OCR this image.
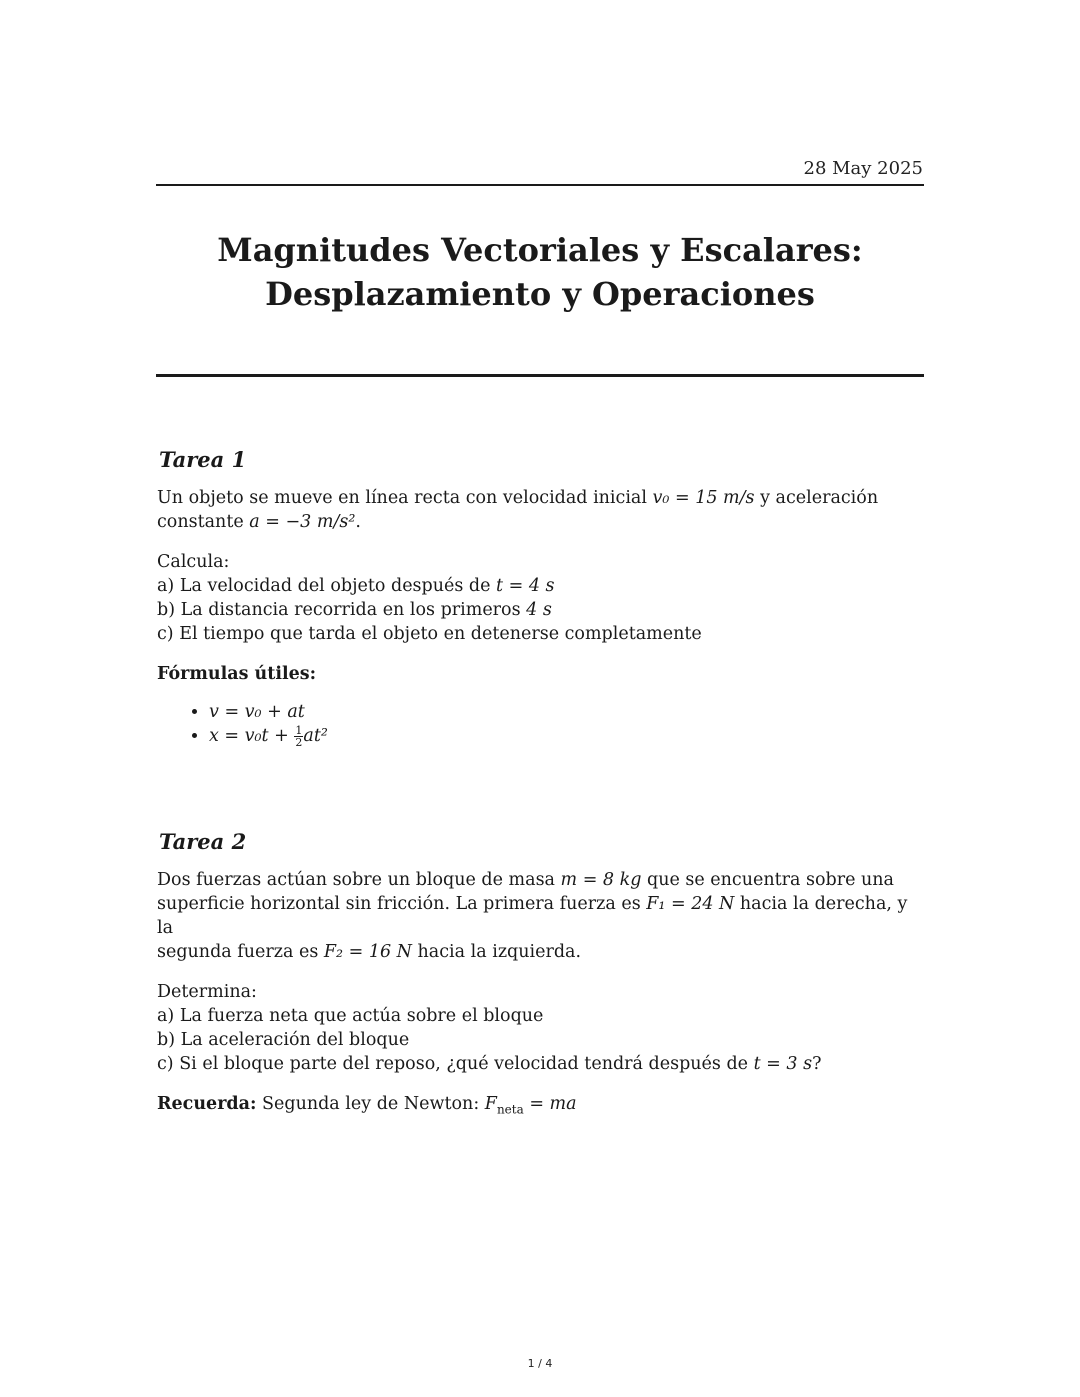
28 May 2025
Magnitudes Vectoriales y Escalares:
Desplazamiento y Operaciones
Tarea 1

Un objeto se mueve en línea recta con velocidad inicial v₀ = 15 m/s y aceleración
constante a = −3 m/s².

Calcula:
a) La velocidad del objeto después de t = 4 s
b) La distancia recorrida en los primeros 4 s
c) El tiempo que tarda el objeto en detenerse completamente

Fórmulas útiles:

• v = v₀ + at
• $x = v_0t + \frac{1}{2} at^2$
Tarea 2

Dos fuerzas actúan sobre un bloque de masa m = 8 kg que se encuentra sobre una
superficie horizontal sin fricción. La primera fuerza es F₁ = 24 N hacia la derecha, y la
segunda fuerza es F₂ = 16 N hacia la izquierda.

Determina:
a) La fuerza neta que actúa sobre el bloque
b) La aceleración del bloque
c) Si el bloque parte del reposo, ¿qué velocidad tendrá después de t = 3 s?

Recuerda: Segunda ley de Newton: $F_{neta}$ = ma

1 / 4
